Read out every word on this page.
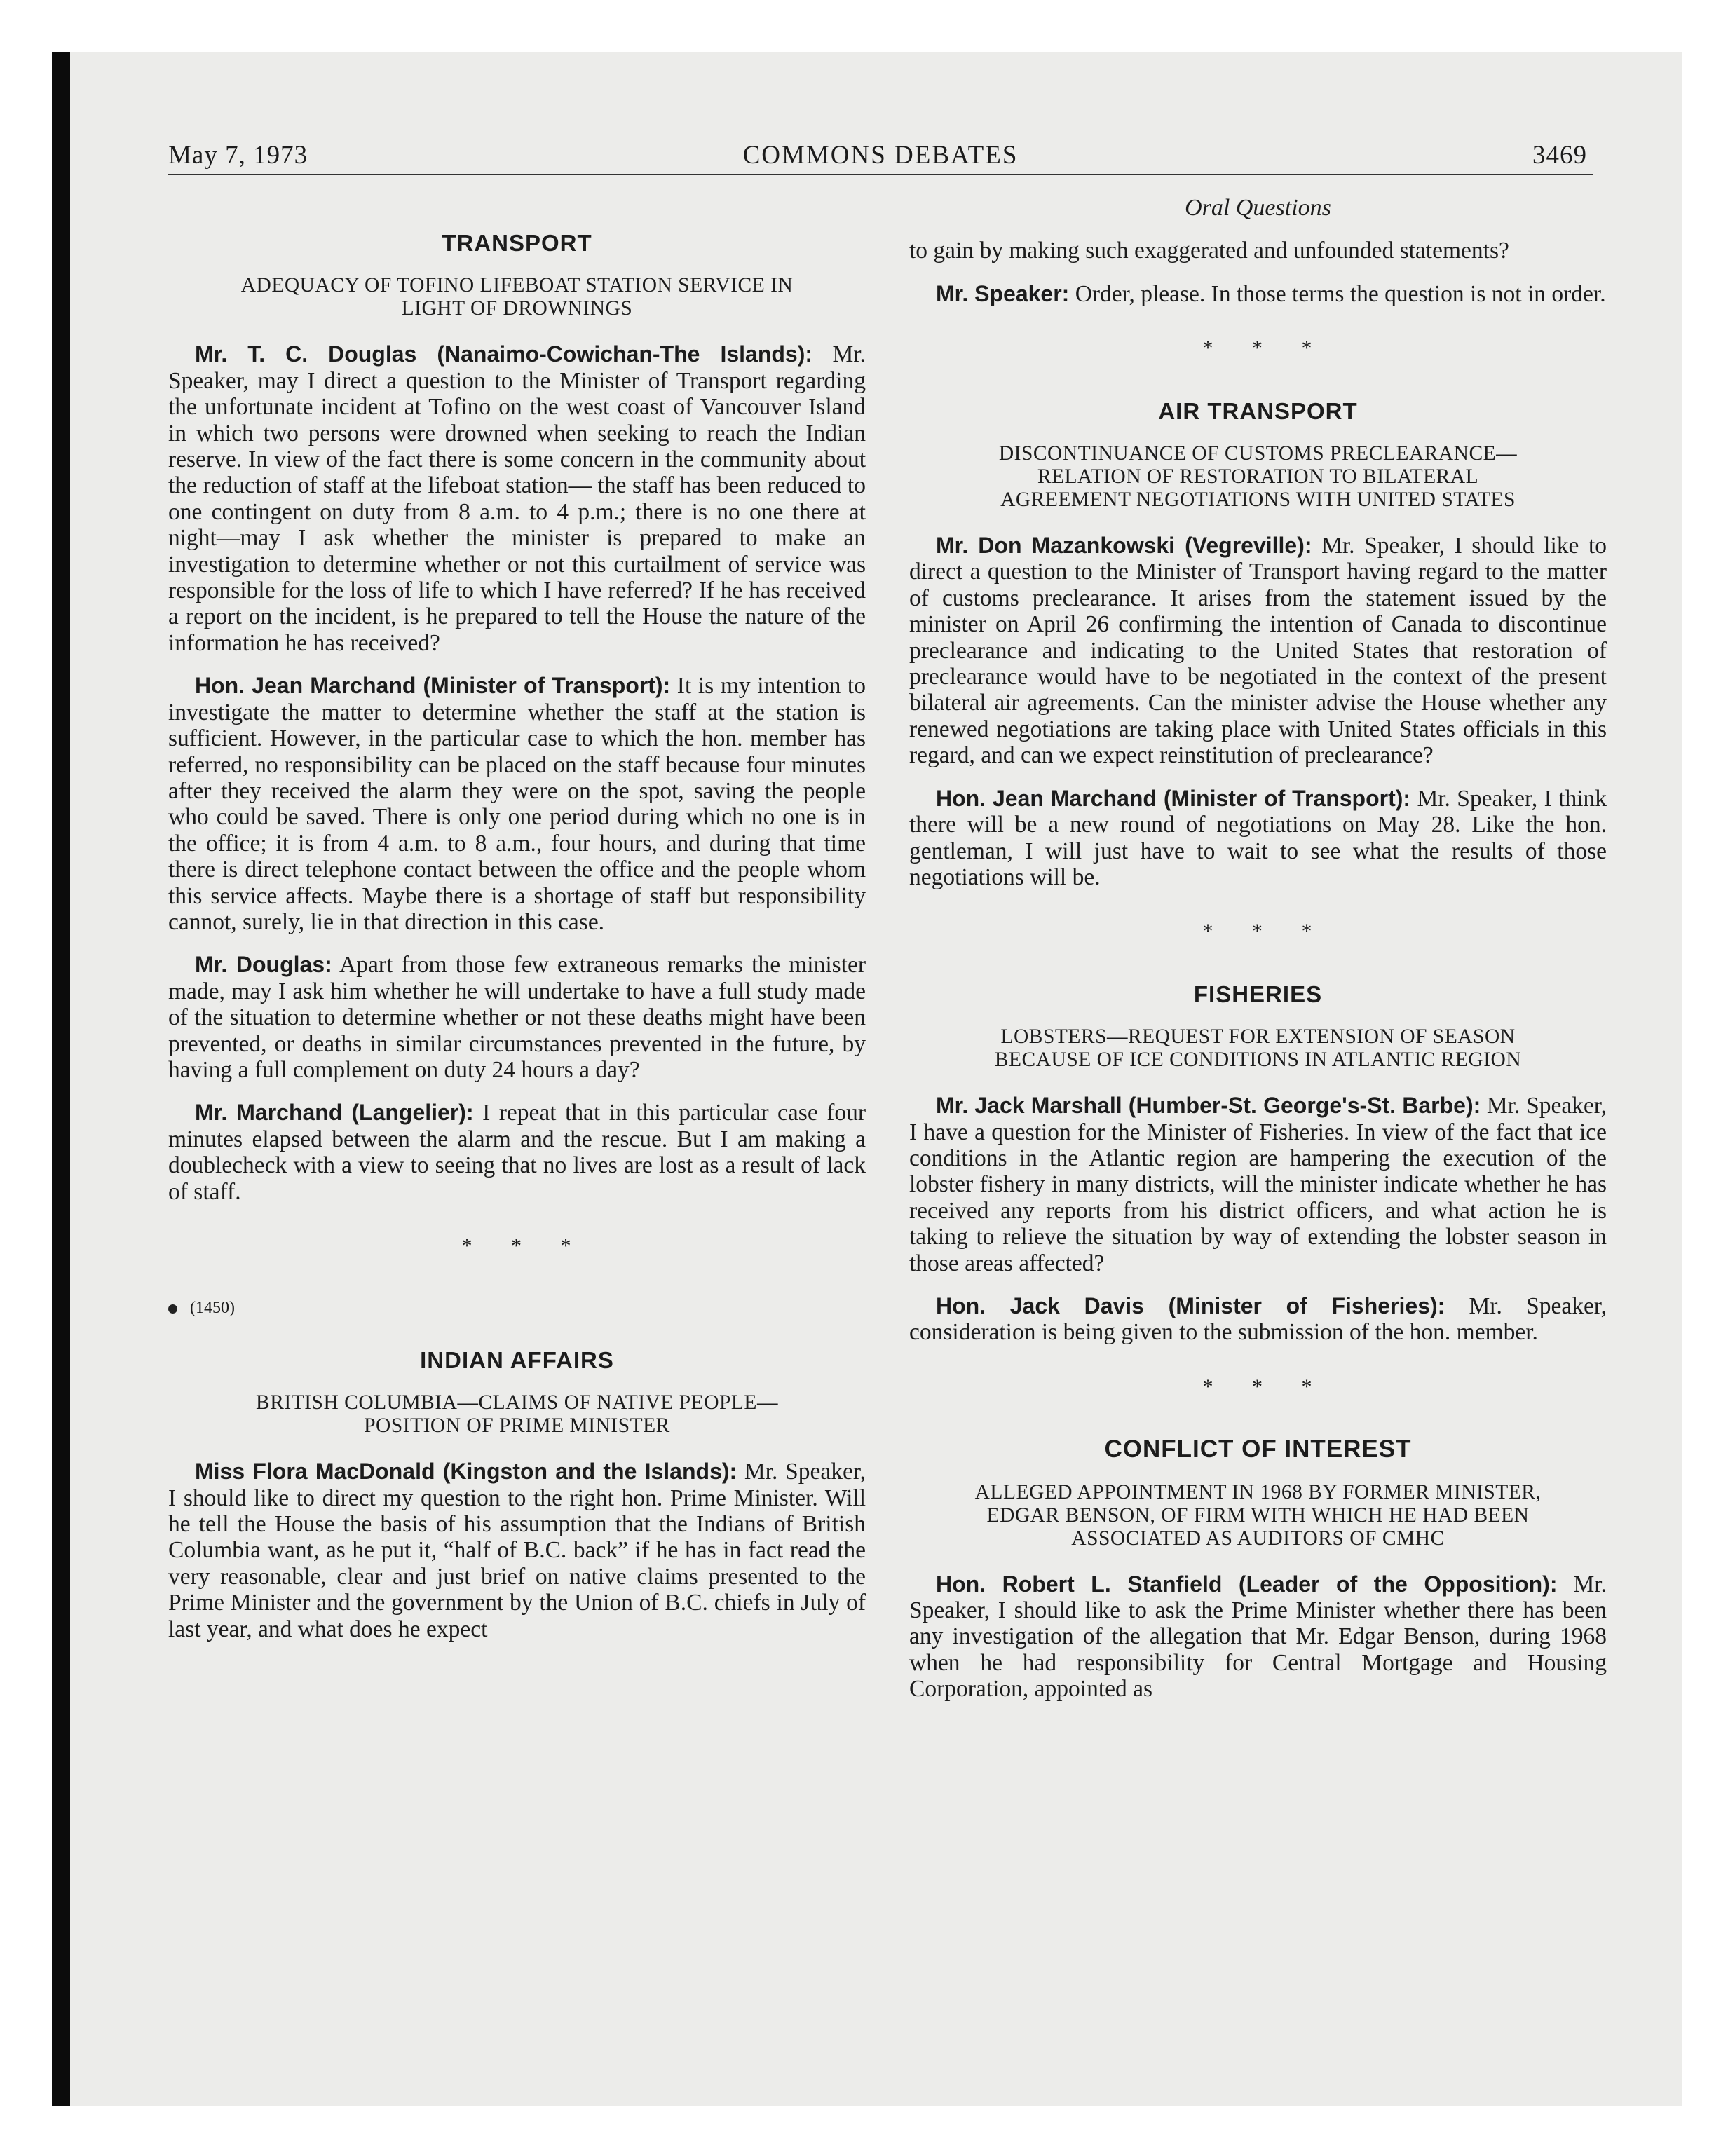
May 7, 1973	COMMONS DEBATES	3469
TRANSPORT
ADEQUACY OF TOFINO LIFEBOAT STATION SERVICE IN
LIGHT OF DROWNINGS

Mr. T. C. Douglas (Nanaimo-Cowichan-The Islands): Mr. Speaker, may I direct a question to the Minister of Transport regarding the unfortunate incident at Tofino on the west coast of Vancouver Island in which two persons were drowned when seeking to reach the Indian reserve. In view of the fact there is some concern in the community about the reduction of staff at the lifeboat station— the staff has been reduced to one contingent on duty from 8 a.m. to 4 p.m.; there is no one there at night—may I ask whether the minister is prepared to make an investigation to determine whether or not this curtailment of service was responsible for the loss of life to which I have referred? If he has received a report on the incident, is he prepared to tell the House the nature of the information he has received?

Hon. Jean Marchand (Minister of Transport): It is my intention to investigate the matter to determine whether the staff at the station is sufficient. However, in the particular case to which the hon. member has referred, no responsibility can be placed on the staff because four minutes after they received the alarm they were on the spot, saving the people who could be saved. There is only one period during which no one is in the office; it is from 4 a.m. to 8 a.m., four hours, and during that time there is direct telephone contact between the office and the people whom this service affects. Maybe there is a shortage of staff but responsibility cannot, surely, lie in that direction in this case.

Mr. Douglas: Apart from those few extraneous remarks the minister made, may I ask him whether he will undertake to have a full study made of the situation to determine whether or not these deaths might have been prevented, or deaths in similar circumstances prevented in the future, by having a full complement on duty 24 hours a day?

Mr. Marchand (Langelier): I repeat that in this particular case four minutes elapsed between the alarm and the rescue. But I am making a doublecheck with a view to seeing that no lives are lost as a result of lack of staff.

* * *
(1450)
INDIAN AFFAIRS
BRITISH COLUMBIA—CLAIMS OF NATIVE PEOPLE—
POSITION OF PRIME MINISTER

Miss Flora MacDonald (Kingston and the Islands): Mr. Speaker, I should like to direct my question to the right hon. Prime Minister. Will he tell the House the basis of his assumption that the Indians of British Columbia want, as he put it, “half of B.C. back” if he has in fact read the very reasonable, clear and just brief on native claims presented to the Prime Minister and the government by the Union of B.C. chiefs in July of last year, and what does he expect

Oral Questions

to gain by making such exaggerated and unfounded statements?

Mr. Speaker: Order, please. In those terms the question is not in order.

* * *
AIR TRANSPORT
DISCONTINUANCE OF CUSTOMS PRECLEARANCE—
RELATION OF RESTORATION TO BILATERAL
AGREEMENT NEGOTIATIONS WITH UNITED STATES

Mr. Don Mazankowski (Vegreville): Mr. Speaker, I should like to direct a question to the Minister of Transport having regard to the matter of customs preclearance. It arises from the statement issued by the minister on April 26 confirming the intention of Canada to discontinue preclearance and indicating to the United States that restoration of preclearance would have to be negotiated in the context of the present bilateral air agreements. Can the minister advise the House whether any renewed negotiations are taking place with United States officials in this regard, and can we expect reinstitution of preclearance?

Hon. Jean Marchand (Minister of Transport): Mr. Speaker, I think there will be a new round of negotiations on May 28. Like the hon. gentleman, I will just have to wait to see what the results of those negotiations will be.

* * *
FISHERIES
LOBSTERS—REQUEST FOR EXTENSION OF SEASON
BECAUSE OF ICE CONDITIONS IN ATLANTIC REGION

Mr. Jack Marshall (Humber-St. George's-St. Barbe): Mr. Speaker, I have a question for the Minister of Fisheries. In view of the fact that ice conditions in the Atlantic region are hampering the execution of the lobster fishery in many districts, will the minister indicate whether he has received any reports from his district officers, and what action he is taking to relieve the situation by way of extending the lobster season in those areas affected?

Hon. Jack Davis (Minister of Fisheries): Mr. Speaker, consideration is being given to the submission of the hon. member.

* * *
CONFLICT OF INTEREST
ALLEGED APPOINTMENT IN 1968 BY FORMER MINISTER,
EDGAR BENSON, OF FIRM WITH WHICH HE HAD BEEN
ASSOCIATED AS AUDITORS OF CMHC

Hon. Robert L. Stanfield (Leader of the Opposition): Mr. Speaker, I should like to ask the Prime Minister whether there has been any investigation of the allegation that Mr. Edgar Benson, during 1968 when he had responsibility for Central Mortgage and Housing Corporation, appointed as
